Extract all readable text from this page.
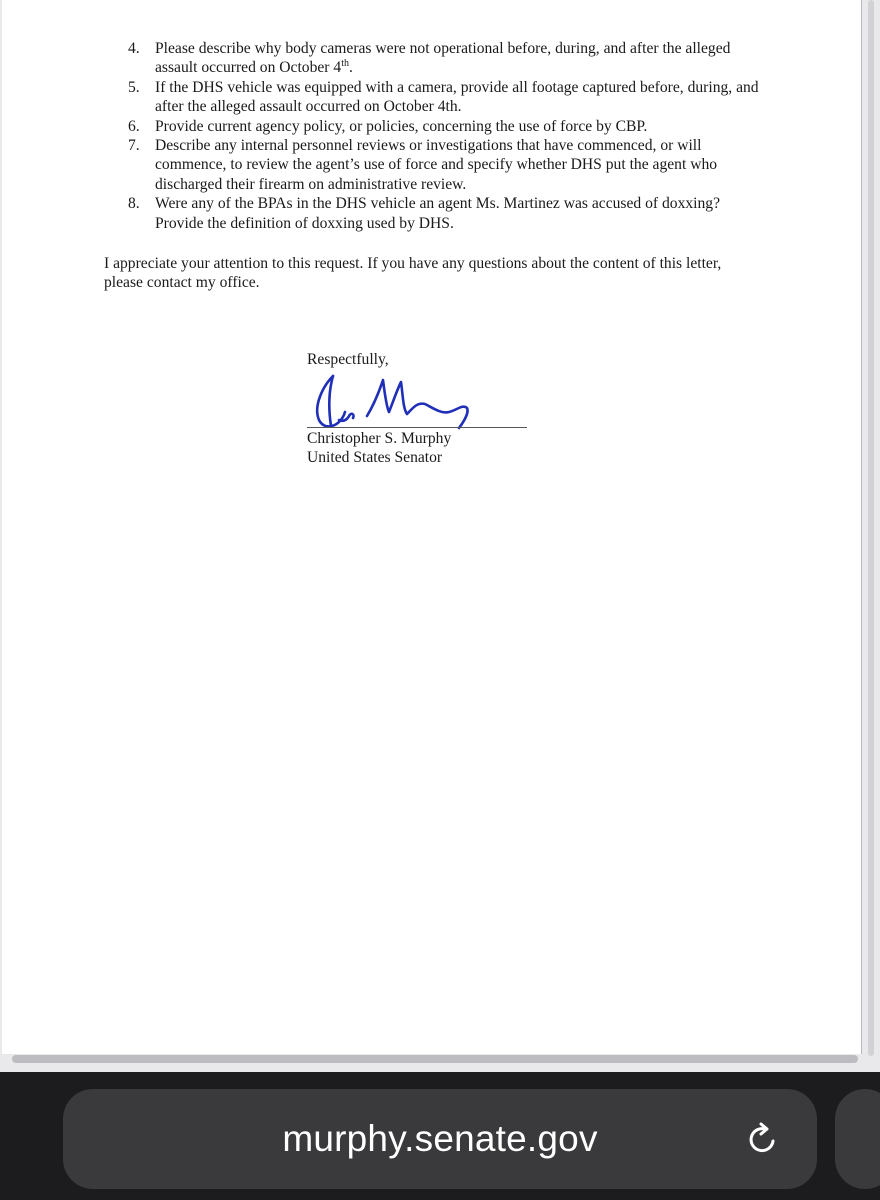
4. Please describe why body cameras were not operational before, during, and after the alleged assault occurred on October 4th.
5. If the DHS vehicle was equipped with a camera, provide all footage captured before, during, and after the alleged assault occurred on October 4th.
6. Provide current agency policy, or policies, concerning the use of force by CBP.
7. Describe any internal personnel reviews or investigations that have commenced, or will commence, to review the agent’s use of force and specify whether DHS put the agent who discharged their firearm on administrative review.
8. Were any of the BPAs in the DHS vehicle an agent Ms. Martinez was accused of doxxing? Provide the definition of doxxing used by DHS.

I appreciate your attention to this request. If you have any questions about the content of this letter, please contact my office.

Respectfully,
Christopher S. Murphy
United States Senator
murphy.senate.gov
